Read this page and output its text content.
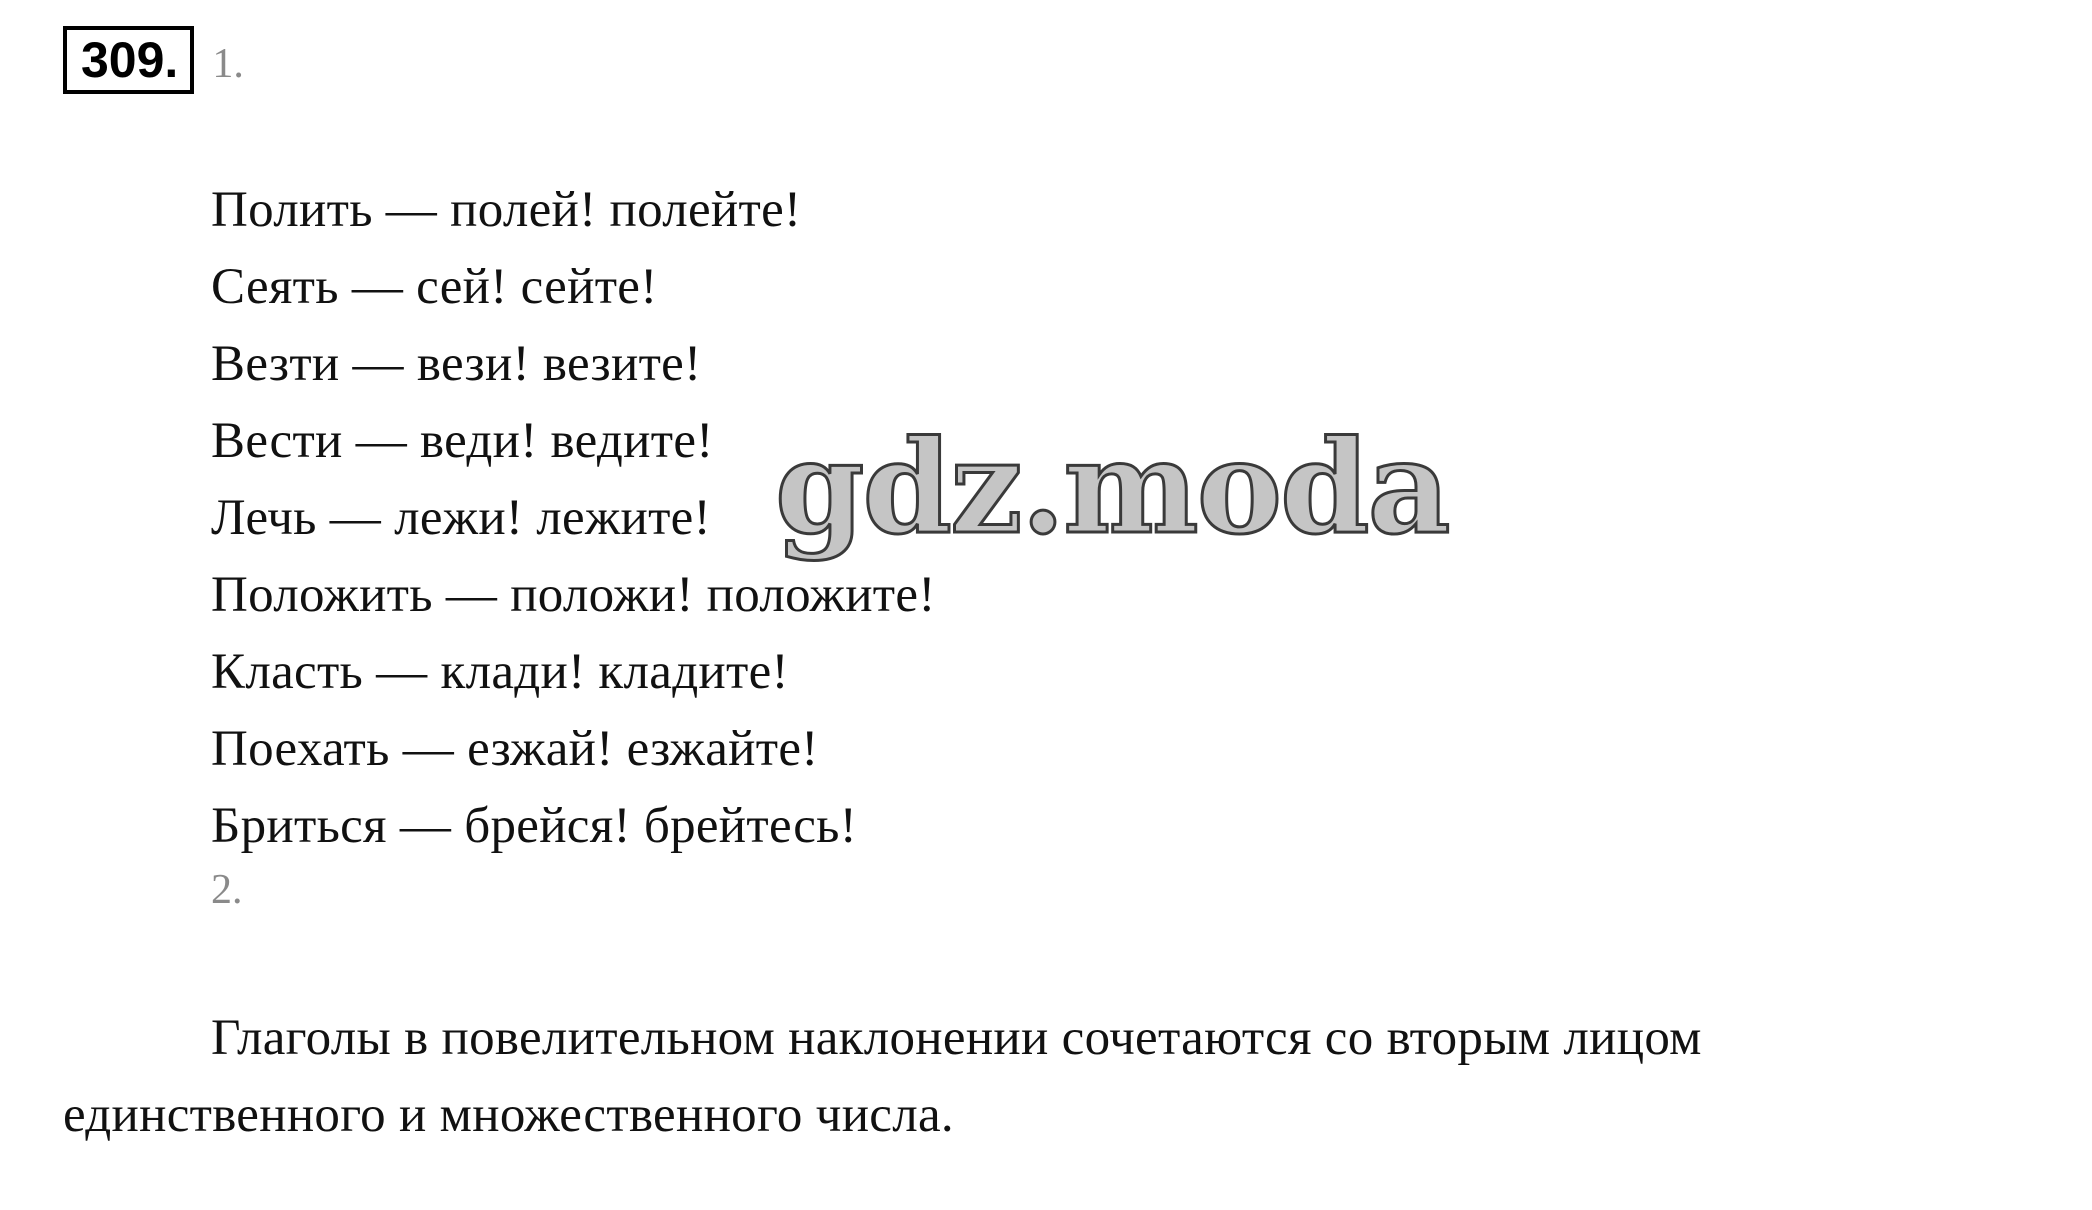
309. 1.
Полить — полей! полейте!
Сеять — сей! сейте!
Везти — вези! везите!
Вести — веди! ведите!
Лечь — лежи! лежите!
Положить — положи! положите!
Класть — клади! кладите!
Поехать — езжай! езжайте!
Бриться — брейся! брейтесь!
2.

Глаголы в повелительном наклонении сочетаются со вторым лицом единственного и множественного числа.

gdz.moda
